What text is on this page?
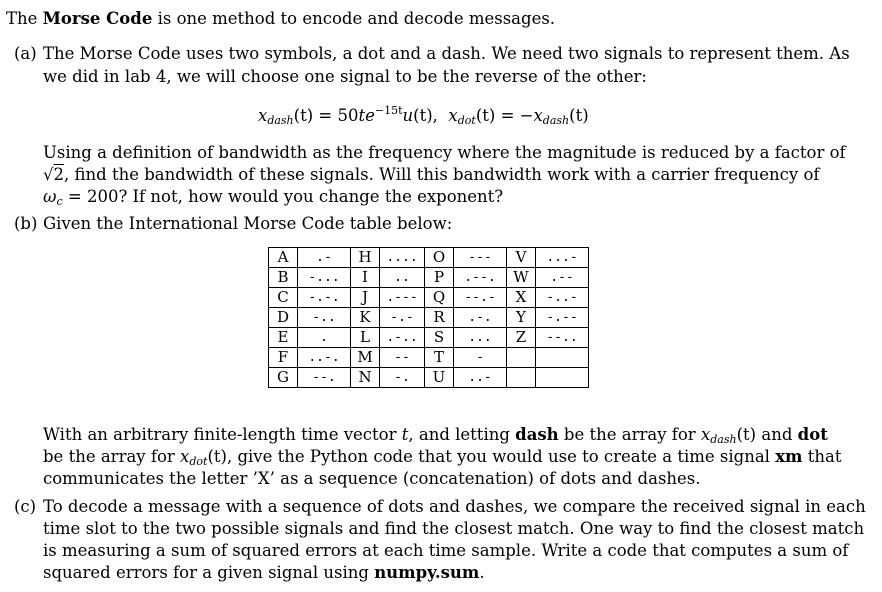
The Morse Code is one method to encode and decode messages.
(a) The Morse Code uses two symbols, a dot and a dash. We need two signals to represent them. As
we did in lab 4, we will choose one signal to be the reverse of the other:
$x_{dash}(t) = 50te^{-15t}u(t)$, $x_{dot}(t) = -x_{dash}(t)$
Using a definition of bandwidth as the frequency where the magnitude is reduced by a factor of
√2, find the bandwidth of these signals. Will this bandwidth work with a carrier frequency of
$\omega_c = 200$? If not, how would you change the exponent?
(b) Given the International Morse Code table below:
A	.-	H	....	O	---	V	...-
B	-...	I	..	P	.--.	W	.--
C	-.-.	J	.---	Q	--.-	X	-..-
D	-..	K	-.-	R	.-.	Y	-.--
E	.	L	.-..	S	...	Z	--..
F	..-.	M	--	T	-		
G	--.	N	-.	U	..-		
With an arbitrary finite-length time vector t, and letting dash be the array for $x_{dash}(t)$ and dot
be the array for $x_{dot}(t)$, give the Python code that you would use to create a time signal xm that
communicates the letter ’X’ as a sequence (concatenation) of dots and dashes.
(c) To decode a message with a sequence of dots and dashes, we compare the received signal in each
time slot to the two possible signals and find the closest match. One way to find the closest match
is measuring a sum of squared errors at each time sample. Write a code that computes a sum of
squared errors for a given signal using numpy.sum.
